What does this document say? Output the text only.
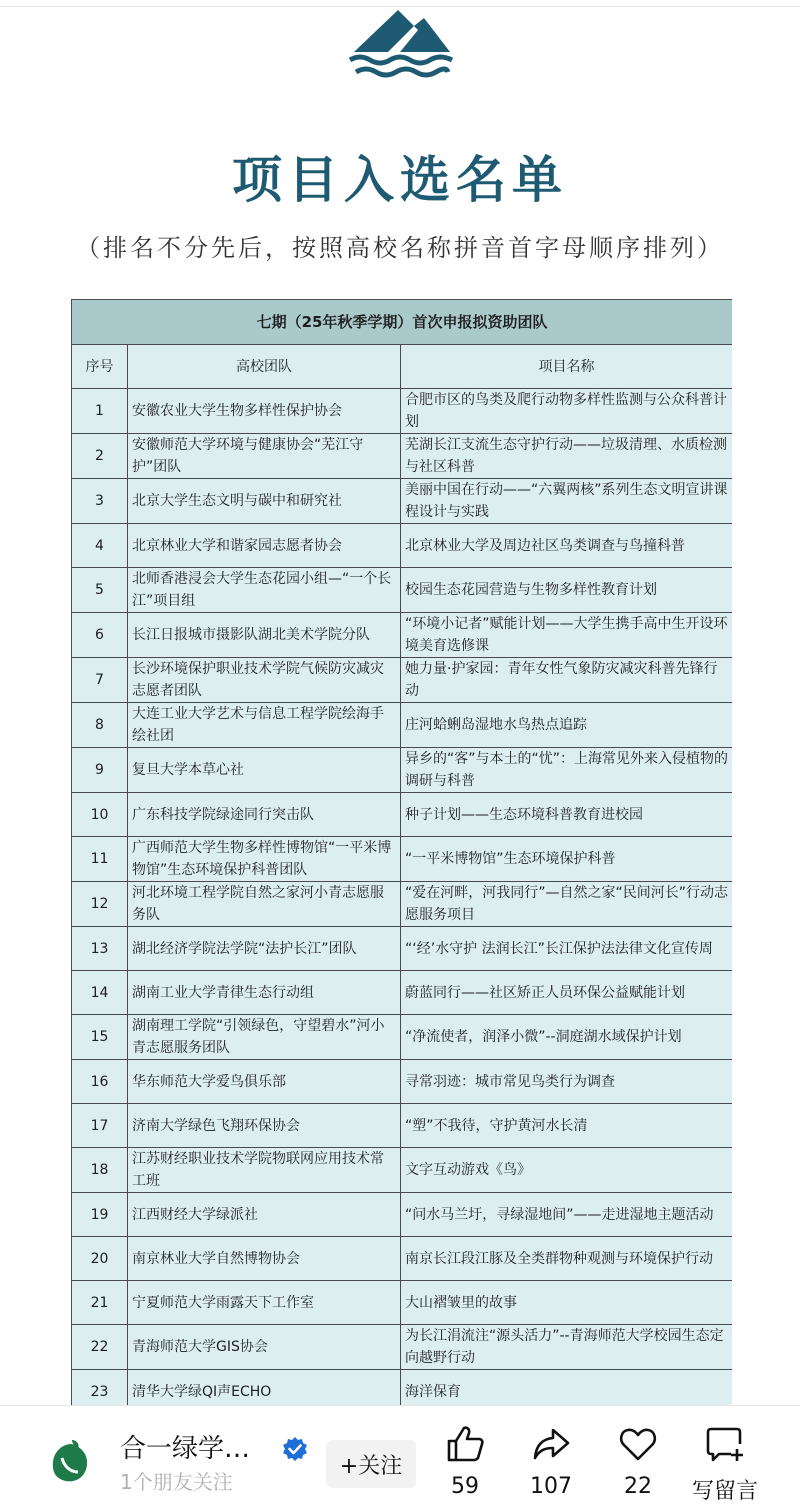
项目入选名单
（排名不分先后，按照高校名称拼音首字母顺序排列）
七期（25年秋季学期）首次申报拟资助团队		
序号	高校团队	项目名称
1	安徽农业大学生物多样性保护协会	合肥市区的鸟类及爬行动物多样性监测与公众科普计划
2	安徽师范大学环境与健康协会“芜江守护”团队	芜湖长江支流生态守护行动——垃圾清理、水质检测与社区科普
3	北京大学生态文明与碳中和研究社	美丽中国在行动——“六翼两核”系列生态文明宣讲课程设计与实践
4	北京林业大学和谐家园志愿者协会	北京林业大学及周边社区鸟类调查与鸟撞科普
5	北师香港浸会大学生态花园小组—“一个长江”项目组	校园生态花园营造与生物多样性教育计划
6	长江日报城市摄影队湖北美术学院分队	“环境小记者”赋能计划——大学生携手高中生开设环境美育选修课
7	长沙环境保护职业技术学院气候防灾减灾志愿者团队	她力量·护家园：青年女性气象防灾减灾科普先锋行动
8	大连工业大学艺术与信息工程学院绘海手绘社团	庄河蛤蜊岛湿地水鸟热点追踪
9	复旦大学本草心社	异乡的“客”与本土的“忧”：上海常见外来入侵植物的调研与科普
10	广东科技学院绿途同行突击队	种子计划——生态环境科普教育进校园
11	广西师范大学生物多样性博物馆“一平米博物馆”生态环境保护科普团队	“一平米博物馆”生态环境保护科普
12	河北环境工程学院自然之家河小青志愿服务队	“爱在河畔，河我同行”—自然之家“民间河长”行动志愿服务项目
13	湖北经济学院法学院“法护长江”团队	“‘经’水守护 法润长江”长江保护法法律文化宣传周
14	湖南工业大学青律生态行动组	蔚蓝同行——社区矫正人员环保公益赋能计划
15	湖南理工学院“引领绿色，守望碧水”河小青志愿服务团队	“净流使者，润泽小微”--洞庭湖水域保护计划
16	华东师范大学爱鸟俱乐部	寻常羽迹：城市常见鸟类行为调查
17	济南大学绿色飞翔环保协会	“塑”不我待，守护黄河水长清
18	江苏财经职业技术学院物联网应用技术常工班	文字互动游戏《鸟》
19	江西财经大学绿派社	“问水马兰圩，寻绿湿地间”——走进湿地主题活动
20	南京林业大学自然博物协会	南京长江段江豚及全类群物种观测与环境保护行动
21	宁夏师范大学雨露天下工作室	大山褶皱里的故事
22	青海师范大学GIS协会	为长江涓流注“源头活力”--青海师范大学校园生态定向越野行动
23	清华大学绿QI声ECHO	海洋保育
合一绿学…
1个朋友关注
+关注
59	107	22	写留言
